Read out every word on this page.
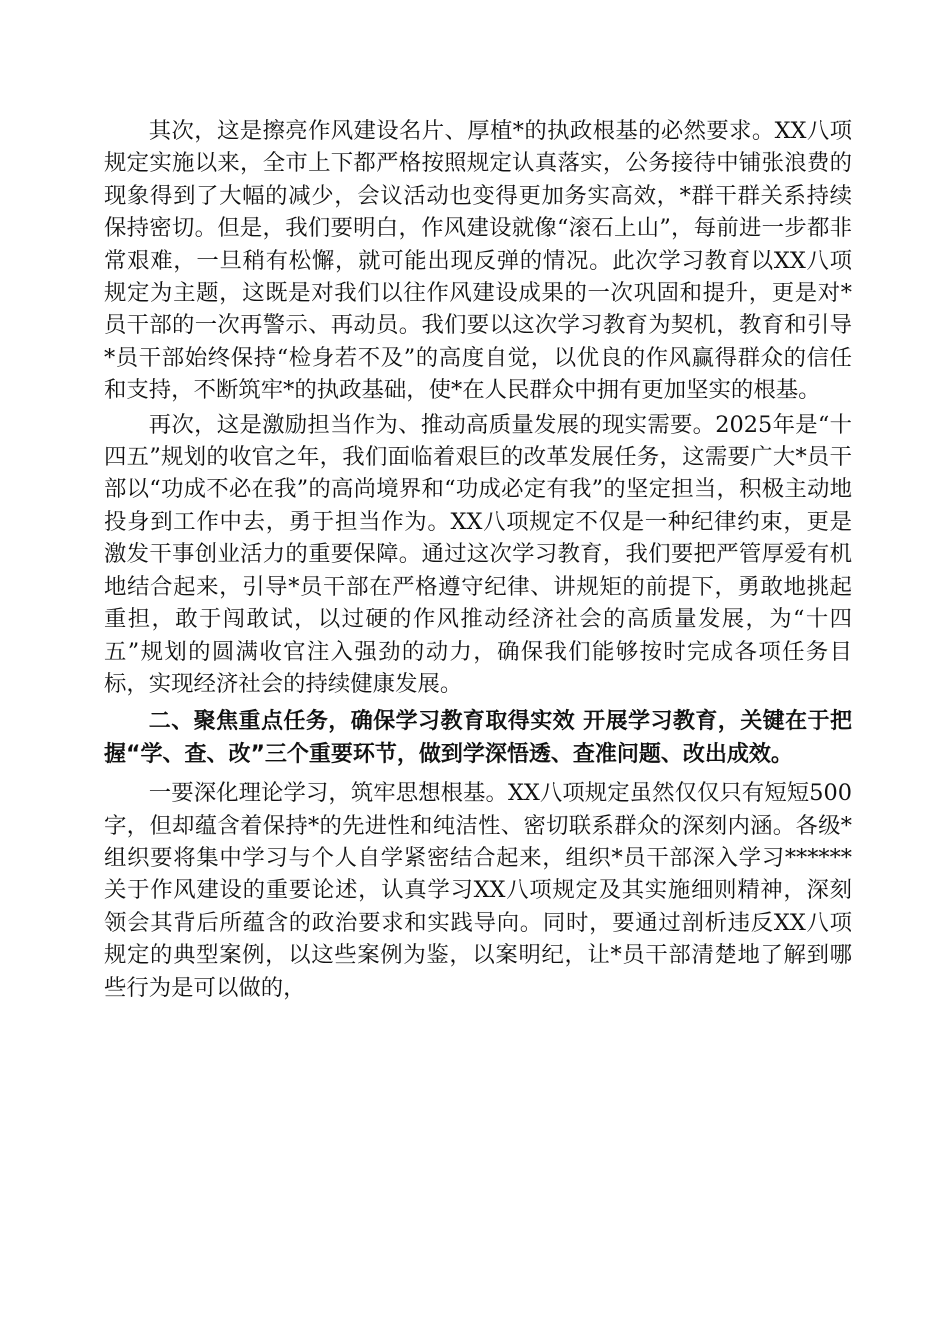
其次，这是擦亮作风建设名片、厚植*的执政根基的必然要求。XX八项规定实施以来，全市上下都严格按照规定认真落实，公务接待中铺张浪费的现象得到了大幅的减少，会议活动也变得更加务实高效，*群干群关系持续保持密切。但是，我们要明白，作风建设就像“滚石上山”，每前进一步都非常艰难，一旦稍有松懈，就可能出现反弹的情况。此次学习教育以XX八项规定为主题，这既是对我们以往作风建设成果的一次巩固和提升，更是对*员干部的一次再警示、再动员。我们要以这次学习教育为契机，教育和引导*员干部始终保持“检身若不及”的高度自觉，以优良的作风赢得群众的信任和支持，不断筑牢*的执政基础，使*在人民群众中拥有更加坚实的根基。

再次，这是激励担当作为、推动高质量发展的现实需要。2025年是“十四五”规划的收官之年，我们面临着艰巨的改革发展任务，这需要广大*员干部以“功成不必在我”的高尚境界和“功成必定有我”的坚定担当，积极主动地投身到工作中去，勇于担当作为。XX八项规定不仅是一种纪律约束，更是激发干事创业活力的重要保障。通过这次学习教育，我们要把严管厚爱有机地结合起来，引导*员干部在严格遵守纪律、讲规矩的前提下，勇敢地挑起重担，敢于闯敢试，以过硬的作风推动经济社会的高质量发展，为“十四五”规划的圆满收官注入强劲的动力，确保我们能够按时完成各项任务目标，实现经济社会的持续健康发展。

二、聚焦重点任务，确保学习教育取得实效 开展学习教育，关键在于把握“学、查、改”三个重要环节，做到学深悟透、查准问题、改出成效。

一要深化理论学习，筑牢思想根基。XX八项规定虽然仅仅只有短短500字，但却蕴含着保持*的先进性和纯洁性、密切联系群众的深刻内涵。各级*组织要将集中学习与个人自学紧密结合起来，组织*员干部深入学习******关于作风建设的重要论述，认真学习XX八项规定及其实施细则精神，深刻领会其背后所蕴含的政治要求和实践导向。同时，要通过剖析违反XX八项规定的典型案例，以这些案例为鉴，以案明纪，让*员干部清楚地了解到哪些行为是可以做的，
